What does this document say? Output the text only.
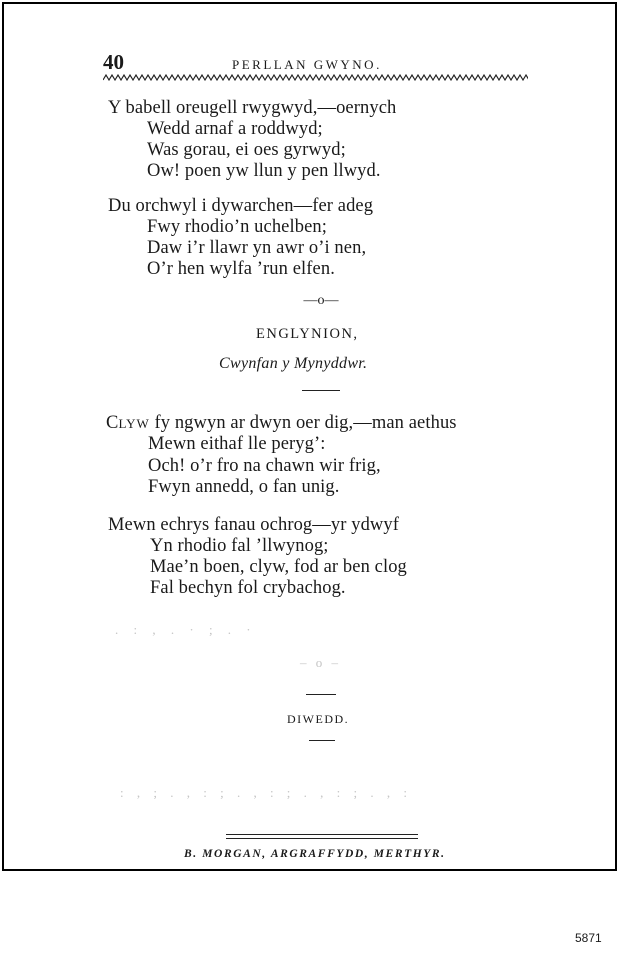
40	PERLLAN GWYNO.
Y babell oreugell rwygwyd,—oernych
Wedd arnaf a roddwyd;
Was gorau, ei oes gyrwyd;
Ow! poen yw llun y pen llwyd.
Du orchwyl i dywarchen—fer adeg
Fwy rhodio’n uchelben;
Daw i’r llawr yn awr o’i nen,
O’r hen wylfa ’run elfen.
—o—
ENGLYNION,
Cwynfan y Mynyddwr.
CLYW fy ngwyn ar dwyn oer dig,—man aethus
Mewn eithaf lle peryg’:
Och! o’r fro na chawn wir frig,
Fwyn annedd, o fan unig.
Mewn echrys fanau ochrog—yr ydwyf
Yn rhodio fal ’llwynog;
Mae’n boen, clyw, fod ar ben clog
Fal bechyn fol crybachog.
– o –
. : , . · ; . ·
: , ; . , : ; . , : ; . , : ; . , :
DIWEDD.
B. MORGAN, ARGRAFFYDD, MERTHYR.
5871
